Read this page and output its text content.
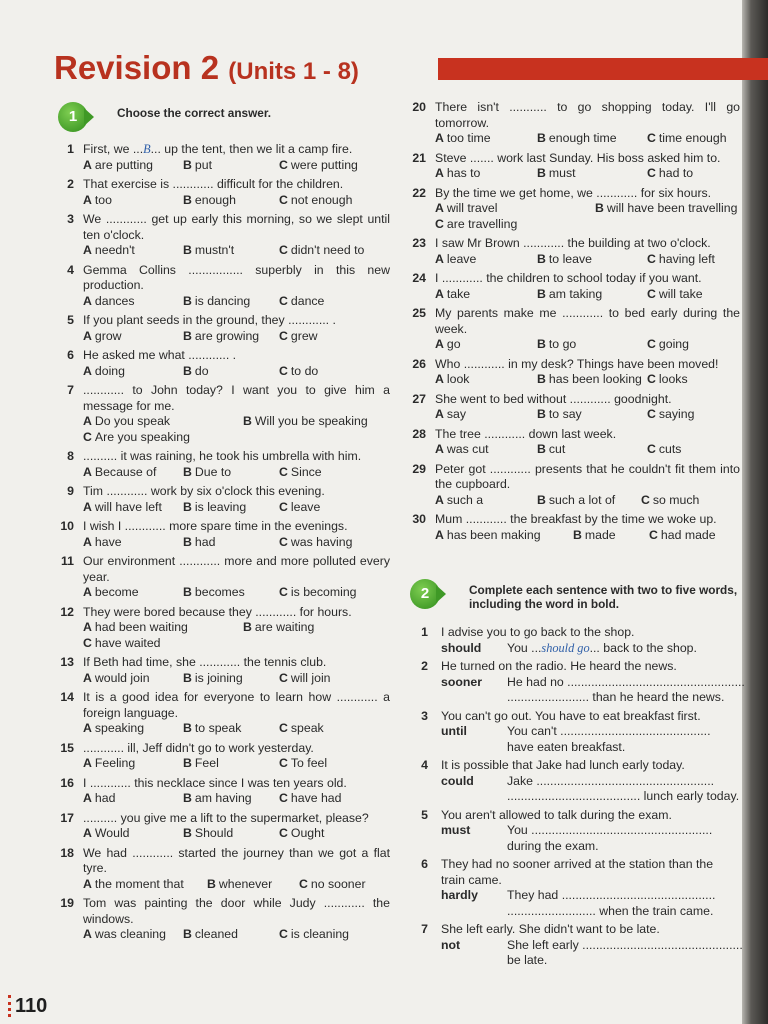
Revision 2 (Units 1 - 8)
1	Choose the correct answer.
1 First, we ...B... up the tent, then we lit a camp fire.
A are putting	B put	C were putting
2 That exercise is ............ difficult for the children.
A too	B enough	C not enough
3 We ............ get up early this morning, so we slept until ten o'clock.
A needn't	B mustn't	C didn't need to
4 Gemma Collins ................ superbly in this new production.
A dances	B is dancing	C dance
5 If you plant seeds in the ground, they ............ .
A grow	B are growing	C grew
6 He asked me what ............ .
A doing	B do	C to do
7 ............ to John today? I want you to give him a message for me.
A Do you speak	B Will you be speaking
C Are you speaking
8 .......... it was raining, he took his umbrella with him.
A Because of	B Due to	C Since
9 Tim ............ work by six o'clock this evening.
A will have left	B is leaving	C leave
10 I wish I ............ more spare time in the evenings.
A have	B had	C was having
11 Our environment ............ more and more polluted every year.
A become	B becomes	C is becoming
12 They were bored because they ............ for hours.
A had been waiting	B are waiting
C have waited
13 If Beth had time, she ............ the tennis club.
A would join	B is joining	C will join
14 It is a good idea for everyone to learn how ............ a foreign language.
A speaking	B to speak	C speak
15 ............ ill, Jeff didn't go to work yesterday.
A Feeling	B Feel	C To feel
16 I ............ this necklace since I was ten years old.
A had	B am having	C have had
17 .......... you give me a lift to the supermarket, please?
A Would	B Should	C Ought
18 We had ............ started the journey than we got a flat tyre.
A the moment that	B whenever	C no sooner
19 Tom was painting the door while Judy ............ the windows.
A was cleaning	B cleaned	C is cleaning
20 There isn't ........... to go shopping today. I'll go tomorrow.
A too time	B enough time	C time enough
21 Steve ....... work last Sunday. His boss asked him to.
A has to	B must	C had to
22 By the time we get home, we ............ for six hours.
A will travel	B will have been travelling
C are travelling
23 I saw Mr Brown ............ the building at two o'clock.
A leave	B to leave	C having left
24 I ............ the children to school today if you want.
A take	B am taking	C will take
25 My parents make me ............ to bed early during the week.
A go	B to go	C going
26 Who ............ in my desk? Things have been moved!
A look	B has been looking C looks
27 She went to bed without ............ goodnight.
A say	B to say	C saying
28 The tree ............ down last week.
A was cut	B cut	C cuts
29 Peter got ............ presents that he couldn't fit them into the cupboard.
A such a	B such a lot of	C so much
30 Mum ............ the breakfast by the time we woke up.
A has been making	B made	C had made
2	Complete each sentence with two to five words, including the word in bold.
1 I advise you to go back to the shop.
should	You ...should go... back to the shop.
2 He turned on the radio. He heard the news.
sooner	He had no ....................................................
........................ than he heard the news.
3 You can't go out. You have to eat breakfast first.
until	You can't ............................................
have eaten breakfast.
4 It is possible that Jake had lunch early today.
could	Jake ....................................................
....................................... lunch early today.
5 You aren't allowed to talk during the exam.
must	You .....................................................
during the exam.
6 They had no sooner arrived at the station than the train came.
hardly	They had .............................................
.......................... when the train came.
7 She left early. She didn't want to be late.
not	She left early ...............................................
be late.
110
